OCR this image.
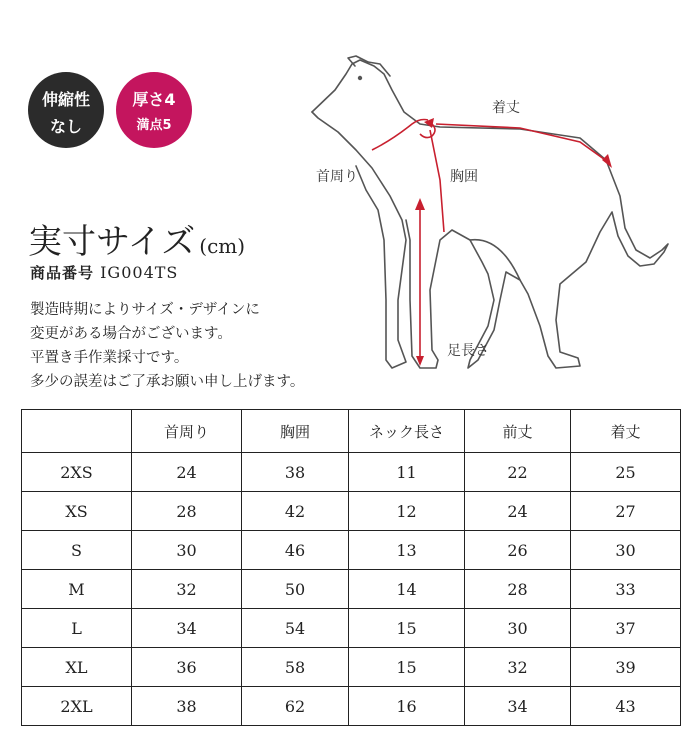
伸縮性
なし
厚さ4
満点5
実寸サイズ (cm)
商品番号 IG004TS
製造時期によりサイズ・デザインに
変更がある場合がございます。
平置き手作業採寸です。
多少の誤差はご了承お願い申し上げます。
着丈
首周り	胸囲
足長さ
	首周り	胸囲	ネック長さ	前丈	着丈
2XS	24	38	11	22	25
XS	28	42	12	24	27
S	30	46	13	26	30
M	32	50	14	28	33
L	34	54	15	30	37
XL	36	58	15	32	39
2XL	38	62	16	34	43
